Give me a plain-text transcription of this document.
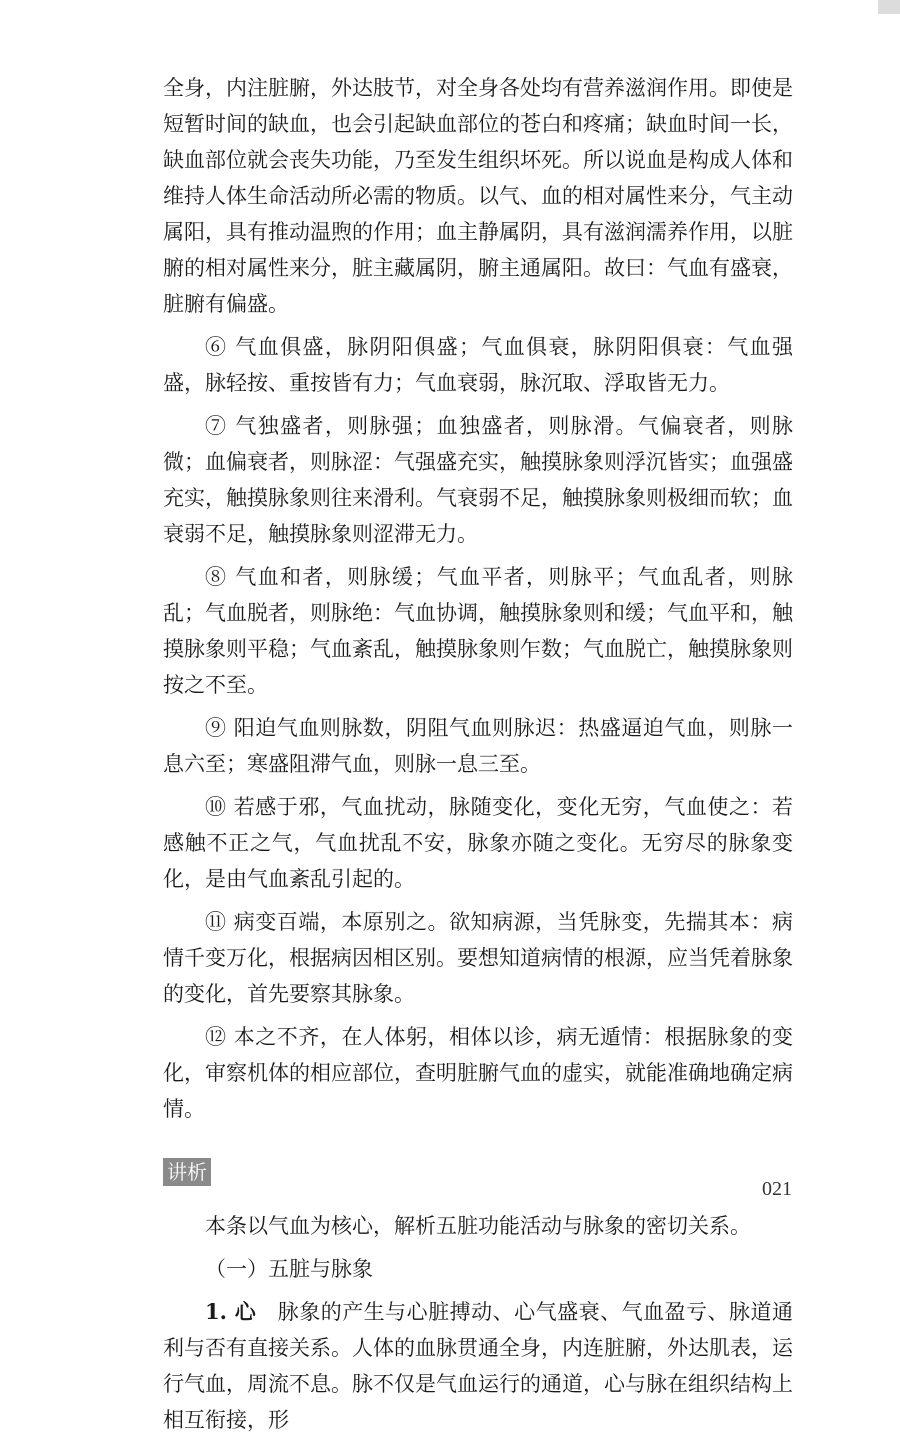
全身，内注脏腑，外达肢节，对全身各处均有营养滋润作用。即使是短暂时间的缺血，也会引起缺血部位的苍白和疼痛；缺血时间一长，缺血部位就会丧失功能，乃至发生组织坏死。所以说血是构成人体和维持人体生命活动所必需的物质。以气、血的相对属性来分，气主动属阳，具有推动温煦的作用；血主静属阴，具有滋润濡养作用，以脏腑的相对属性来分，脏主藏属阴，腑主通属阳。故曰：气血有盛衰，脏腑有偏盛。

⑥ 气血俱盛，脉阴阳俱盛；气血俱衰，脉阴阳俱衰：气血强盛，脉轻按、重按皆有力；气血衰弱，脉沉取、浮取皆无力。

⑦ 气独盛者，则脉强；血独盛者，则脉滑。气偏衰者，则脉微；血偏衰者，则脉涩：气强盛充实，触摸脉象则浮沉皆实；血强盛充实，触摸脉象则往来滑利。气衰弱不足，触摸脉象则极细而软；血衰弱不足，触摸脉象则涩滞无力。

⑧ 气血和者，则脉缓；气血平者，则脉平；气血乱者，则脉乱；气血脱者，则脉绝：气血协调，触摸脉象则和缓；气血平和，触摸脉象则平稳；气血紊乱，触摸脉象则乍数；气血脱亡，触摸脉象则按之不至。

⑨ 阳迫气血则脉数，阴阻气血则脉迟：热盛逼迫气血，则脉一息六至；寒盛阻滞气血，则脉一息三至。

⑩ 若感于邪，气血扰动，脉随变化，变化无穷，气血使之：若感触不正之气，气血扰乱不安，脉象亦随之变化。无穷尽的脉象变化，是由气血紊乱引起的。

⑪ 病变百端，本原别之。欲知病源，当凭脉变，先揣其本：病情千变万化，根据病因相区别。要想知道病情的根源，应当凭着脉象的变化，首先要察其脉象。

⑫ 本之不齐，在人体躬，相体以诊，病无遁情：根据脉象的变化，审察机体的相应部位，查明脏腑气血的虚实，就能准确地确定病情。

讲析

本条以气血为核心，解析五脏功能活动与脉象的密切关系。

（一）五脏与脉象

1. 心　 脉象的产生与心脏搏动、心气盛衰、气血盈亏、脉道通利与否有直接关系。人体的血脉贯通全身，内连脏腑，外达肌表，运行气血，周流不息。脉不仅是气血运行的通道，心与脉在组织结构上相互衔接，形

021
